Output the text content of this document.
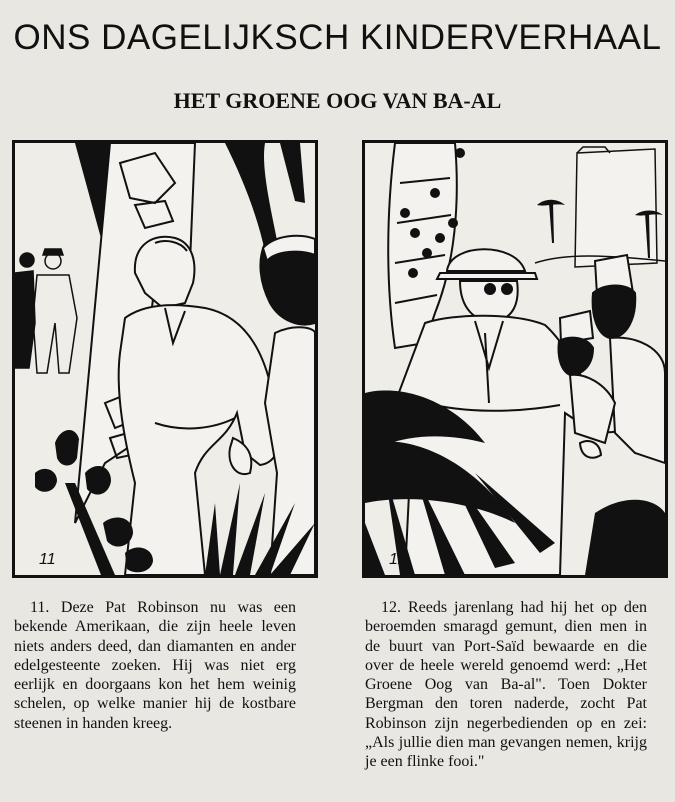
ONS DAGELIJKSCH KINDERVERHAAL
HET GROENE OOG VAN BA-AL
11	12
11. Deze Pat Robinson nu was een bekende Amerikaan, die zijn heele leven niets anders deed, dan diamanten en ander edelgesteente zoeken. Hij was niet erg eerlijk en doorgaans kon het hem weinig schelen, op welke manier hij de kostbare steenen in handen kreeg.
12. Reeds jarenlang had hij het op den beroemden smaragd gemunt, dien men in de buurt van Port-Saïd bewaarde en die over de heele wereld genoemd werd: „Het Groene Oog van Ba-al". Toen Dokter Bergman den toren naderde, zocht Pat Robinson zijn negerbedienden op en zei: „Als jullie dien man gevangen nemen, krijg je een flinke fooi."
